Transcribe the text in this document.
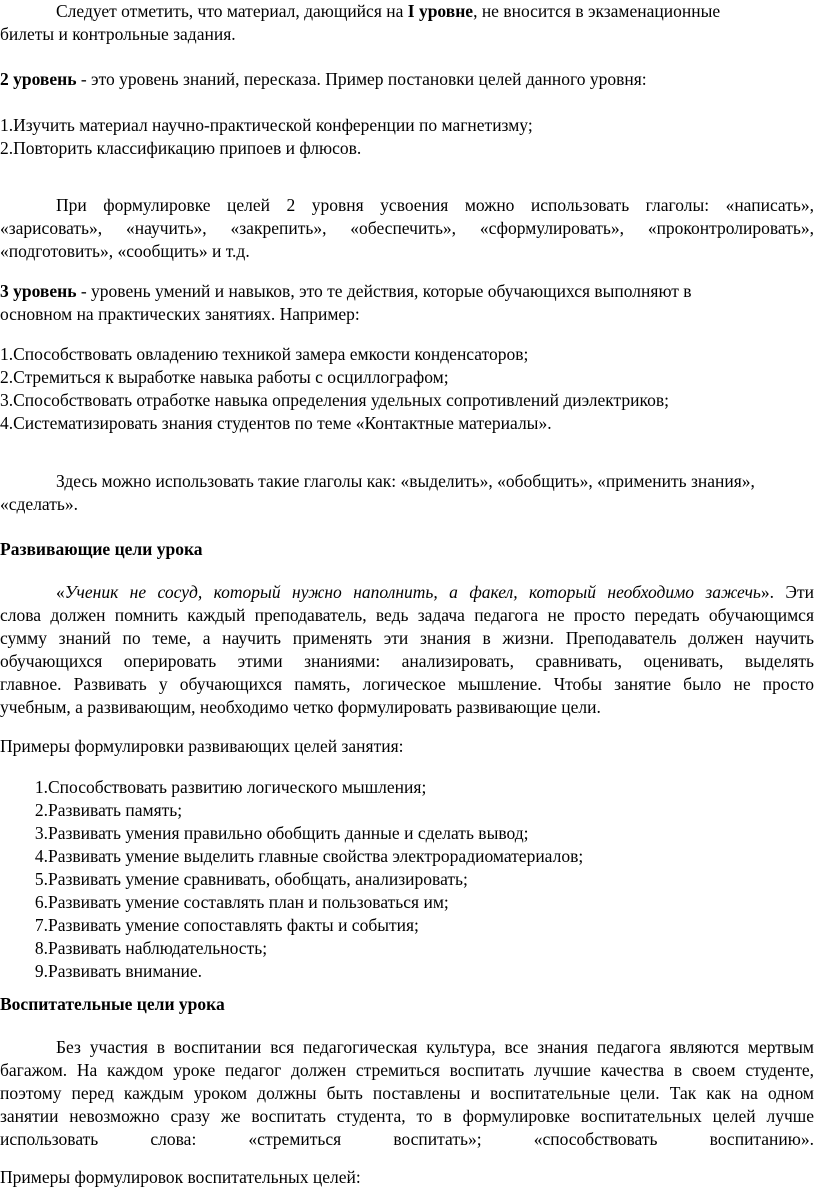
Следует отметить, что материал, дающийся на I уровне, не вносится в экзаменационные
билеты и контрольные задания.
2 уровень - это уровень знаний, пересказа. Пример постановки целей данного уровня:
1.Изучить материал научно-практической конференции по магнетизму;
2.Повторить классификацию припоев и флюсов.
При формулировке целей 2 уровня усвоения можно использовать глаголы: «написать»,
«зарисовать», «научить», «закрепить», «обеспечить», «сформулировать», «проконтролировать»,
«подготовить», «сообщить» и т.д.
3 уровень - уровень умений и навыков, это те действия, которые обучающихся выполняют в
основном на практических занятиях. Например:
1.Способствовать овладению техникой замера емкости конденсаторов;
2.Стремиться к выработке навыка работы с осциллографом;
3.Способствовать отработке навыка определения удельных сопротивлений диэлектриков;
4.Систематизировать знания студентов по теме «Контактные материалы».
Здесь можно использовать такие глаголы как: «выделить», «обобщить», «применить знания»,
«сделать».
Развивающие цели урока
«Ученик не сосуд, который нужно наполнить, а факел, который необходимо зажечь». Эти
слова должен помнить каждый преподаватель, ведь задача педагога не просто передать обучающимся
сумму знаний по теме, а научить применять эти знания в жизни. Преподаватель должен научить
обучающихся оперировать этими знаниями: анализировать, сравнивать, оценивать, выделять
главное. Развивать у обучающихся память, логическое мышление. Чтобы занятие было не просто
учебным, а развивающим, необходимо четко формулировать развивающие цели.
Примеры формулировки развивающих целей занятия:
1.Способствовать развитию логического мышления;
2.Развивать память;
3.Развивать умения правильно обобщить данные и сделать вывод;
4.Развивать умение выделить главные свойства электрорадиоматериалов;
5.Развивать умение сравнивать, обобщать, анализировать;
6.Развивать умение составлять план и пользоваться им;
7.Развивать умение сопоставлять факты и события;
8.Развивать наблюдательность;
9.Развивать внимание.
Воспитательные цели урока
Без участия в воспитании вся педагогическая культура, все знания педагога являются мертвым
багажом. На каждом уроке педагог должен стремиться воспитать лучшие качества в своем студенте,
поэтому перед каждым уроком должны быть поставлены и воспитательные цели. Так как на одном
занятии невозможно сразу же воспитать студента, то в формулировке воспитательных целей лучше
использовать слова: «стремиться воспитать»; «способствовать воспитанию».
Примеры формулировок воспитательных целей:
